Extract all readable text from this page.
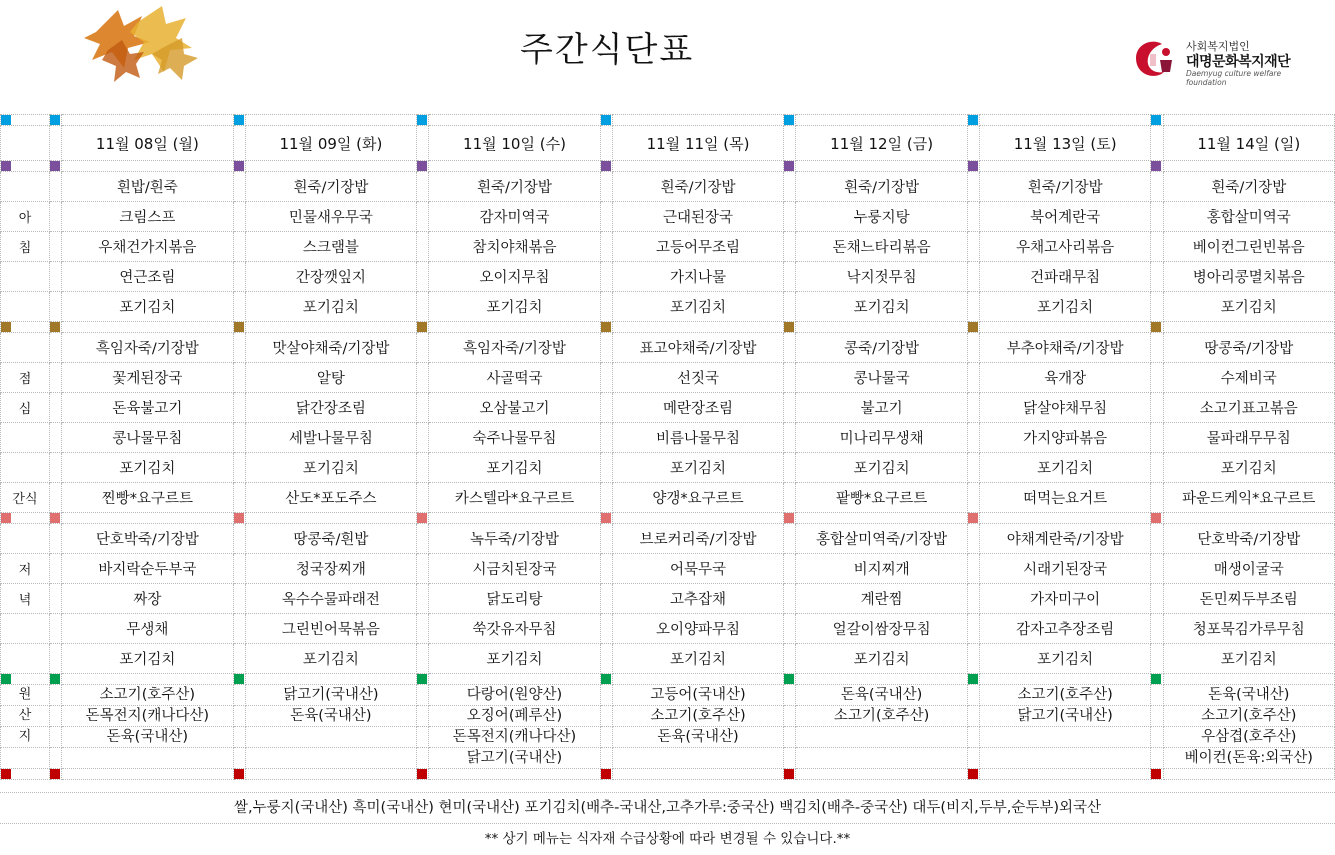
주간식단표	사회복지법인
대명문화복지재단
Daemyug culture welfare foundation

		11월 08일 (월)		11월 09일 (화)		11월 10일 (수)		11월 11일 (목)		11월 12일 (금)		11월 13일 (토)		11월 14일 (일)

		흰밥/흰죽		흰죽/기장밥		흰죽/기장밥		흰죽/기장밥		흰죽/기장밥		흰죽/기장밥		흰죽/기장밥
아		크림스프		민물새우무국		감자미역국		근대된장국		누룽지탕		북어계란국		홍합살미역국
침		우채건가지볶음		스크램블		참치야채볶음		고등어무조림		돈채느타리볶음		우채고사리볶음		베이컨그린빈볶음
		연근조림		간장깻잎지		오이지무침		가지나물		낙지젓무침		건파래무침		병아리콩멸치볶음
		포기김치		포기김치		포기김치		포기김치		포기김치		포기김치		포기김치

		흑임자죽/기장밥		맛살야채죽/기장밥		흑임자죽/기장밥		표고야채죽/기장밥		콩죽/기장밥		부추야채죽/기장밥		땅콩죽/기장밥
점		꽃게된장국		알탕		사골떡국		선짓국		콩나물국		육개장		수제비국
심		돈육불고기		닭간장조림		오삼불고기		메란장조림		불고기		닭살야채무침		소고기표고볶음
		콩나물무침		세발나물무침		숙주나물무침		비름나물무침		미나리무생채		가지양파볶음		물파래무무침
		포기김치		포기김치		포기김치		포기김치		포기김치		포기김치		포기김치
간식		찐빵*요구르트		산도*포도주스		카스텔라*요구르트		양갱*요구르트		팥빵*요구르트		떠먹는요거트		파운드케익*요구르트

		단호박죽/기장밥		땅콩죽/흰밥		녹두죽/기장밥		브로커리죽/기장밥		홍합살미역죽/기장밥		야채계란죽/기장밥		단호박죽/기장밥
저		바지락순두부국		청국장찌개		시금치된장국		어묵무국		비지찌개		시래기된장국		매생이굴국
녁		짜장		옥수수물파래전		닭도리탕		고추잡채		계란찜		가자미구이		돈민찌두부조림
		무생채		그린빈어묵볶음		쑥갓유자무침		오이양파무침		얼갈이쌈장무침		감자고추장조림		청포묵김가루무침
		포기김치		포기김치		포기김치		포기김치		포기김치		포기김치		포기김치

원		소고기(호주산)		닭고기(국내산)		다랑어(원양산)		고등어(국내산)		돈육(국내산)		소고기(호주산)		돈육(국내산)
산		돈목전지(캐나다산)		돈육(국내산)		오징어(페루산)		소고기(호주산)		소고기(호주산)		닭고기(국내산)		소고기(호주산)
지		돈육(국내산)				돈목전지(캐나다산)		돈육(국내산)						우삼겹(호주산)
						닭고기(국내산)								베이컨(돈육:외국산)

쌀,누룽지(국내산) 흑미(국내산) 현미(국내산) 포기김치(배추-국내산,고추가루:중국산) 백김치(배추-중국산) 대두(비지,두부,순두부)외국산
** 상기 메뉴는 식자재 수급상황에 따라 변경될 수 있습니다.**
